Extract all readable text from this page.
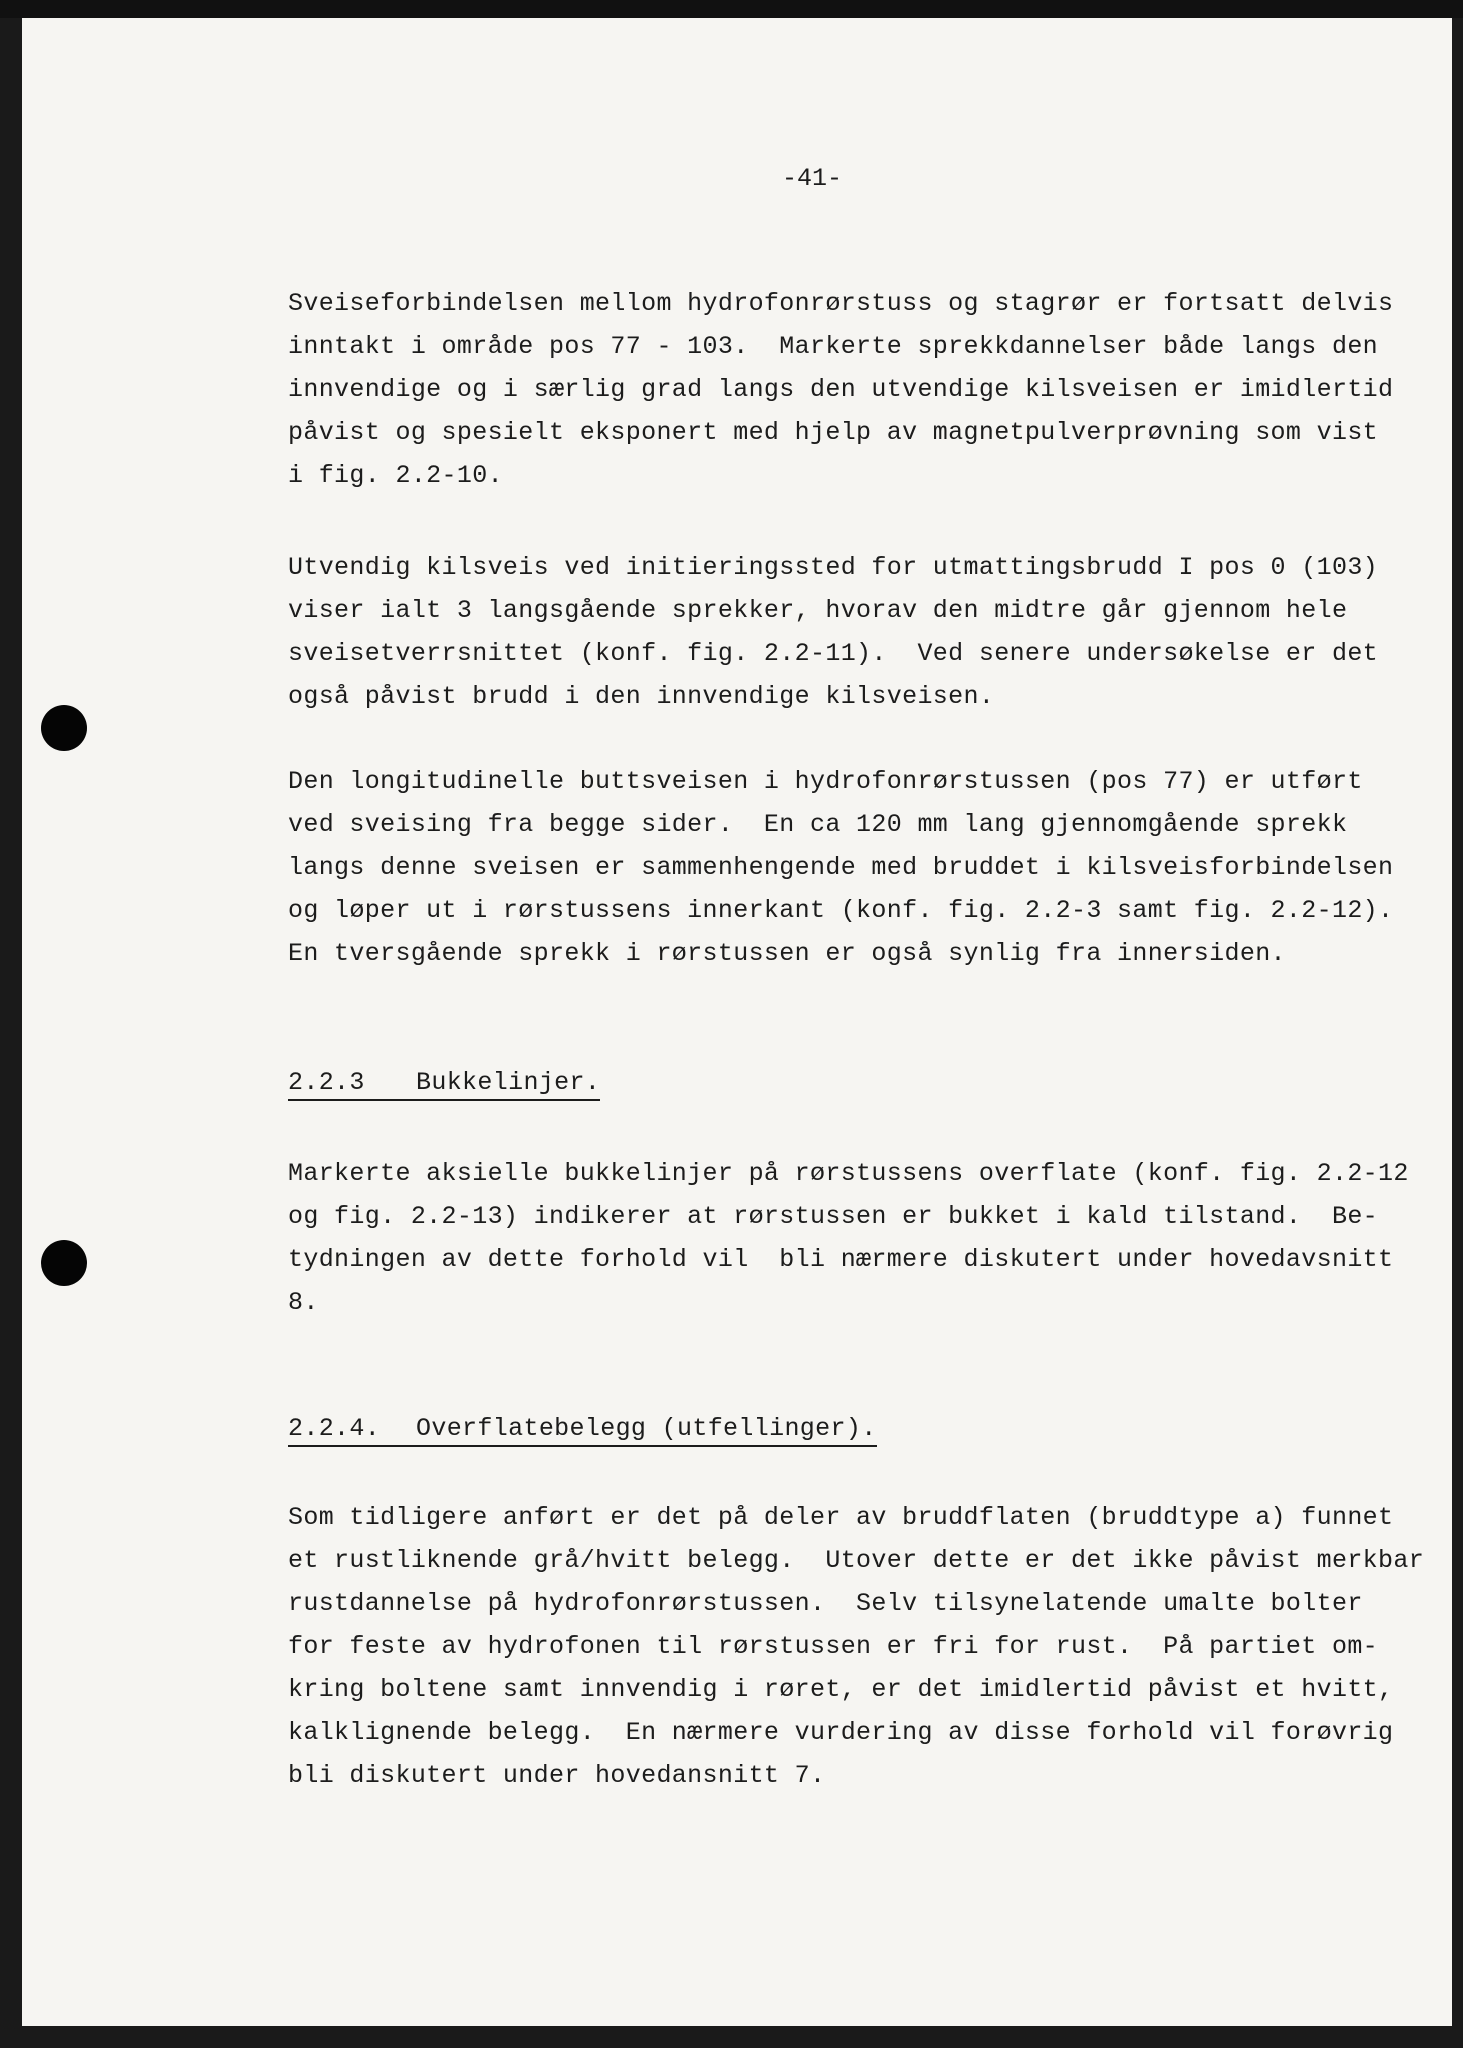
-41-
Sveiseforbindelsen mellom hydrofonrørstuss og stagrør er fortsatt delvis
inntakt i område pos 77 - 103.  Markerte sprekkdannelser både langs den
innvendige og i særlig grad langs den utvendige kilsveisen er imidlertid
påvist og spesielt eksponert med hjelp av magnetpulverprøvning som vist
i fig. 2.2-10.
Utvendig kilsveis ved initieringssted for utmattingsbrudd I pos 0 (103)
viser ialt 3 langsgående sprekker, hvorav den midtre går gjennom hele
sveisetverrsnittet (konf. fig. 2.2-11).  Ved senere undersøkelse er det
også påvist brudd i den innvendige kilsveisen.
Den longitudinelle buttsveisen i hydrofonrørstussen (pos 77) er utført
ved sveising fra begge sider.  En ca 120 mm lang gjennomgående sprekk
langs denne sveisen er sammenhengende med bruddet i kilsveisforbindelsen
og løper ut i rørstussens innerkant (konf. fig. 2.2-3 samt fig. 2.2-12).
En tversgående sprekk i rørstussen er også synlig fra innersiden.
2.2.3 Bukkelinjer.
Markerte aksielle bukkelinjer på rørstussens overflate (konf. fig. 2.2-12
og fig. 2.2-13) indikerer at rørstussen er bukket i kald tilstand.  Be-
tydningen av dette forhold vil  bli nærmere diskutert under hovedavsnitt
8.
2.2.4. Overflatebelegg (utfellinger).
Som tidligere anført er det på deler av bruddflaten (bruddtype a) funnet
et rustliknende grå/hvitt belegg.  Utover dette er det ikke påvist merkbar
rustdannelse på hydrofonrørstussen.  Selv tilsynelatende umalte bolter
for feste av hydrofonen til rørstussen er fri for rust.  På partiet om-
kring boltene samt innvendig i røret, er det imidlertid påvist et hvitt,
kalklignende belegg.  En nærmere vurdering av disse forhold vil forøvrig
bli diskutert under hovedansnitt 7.
